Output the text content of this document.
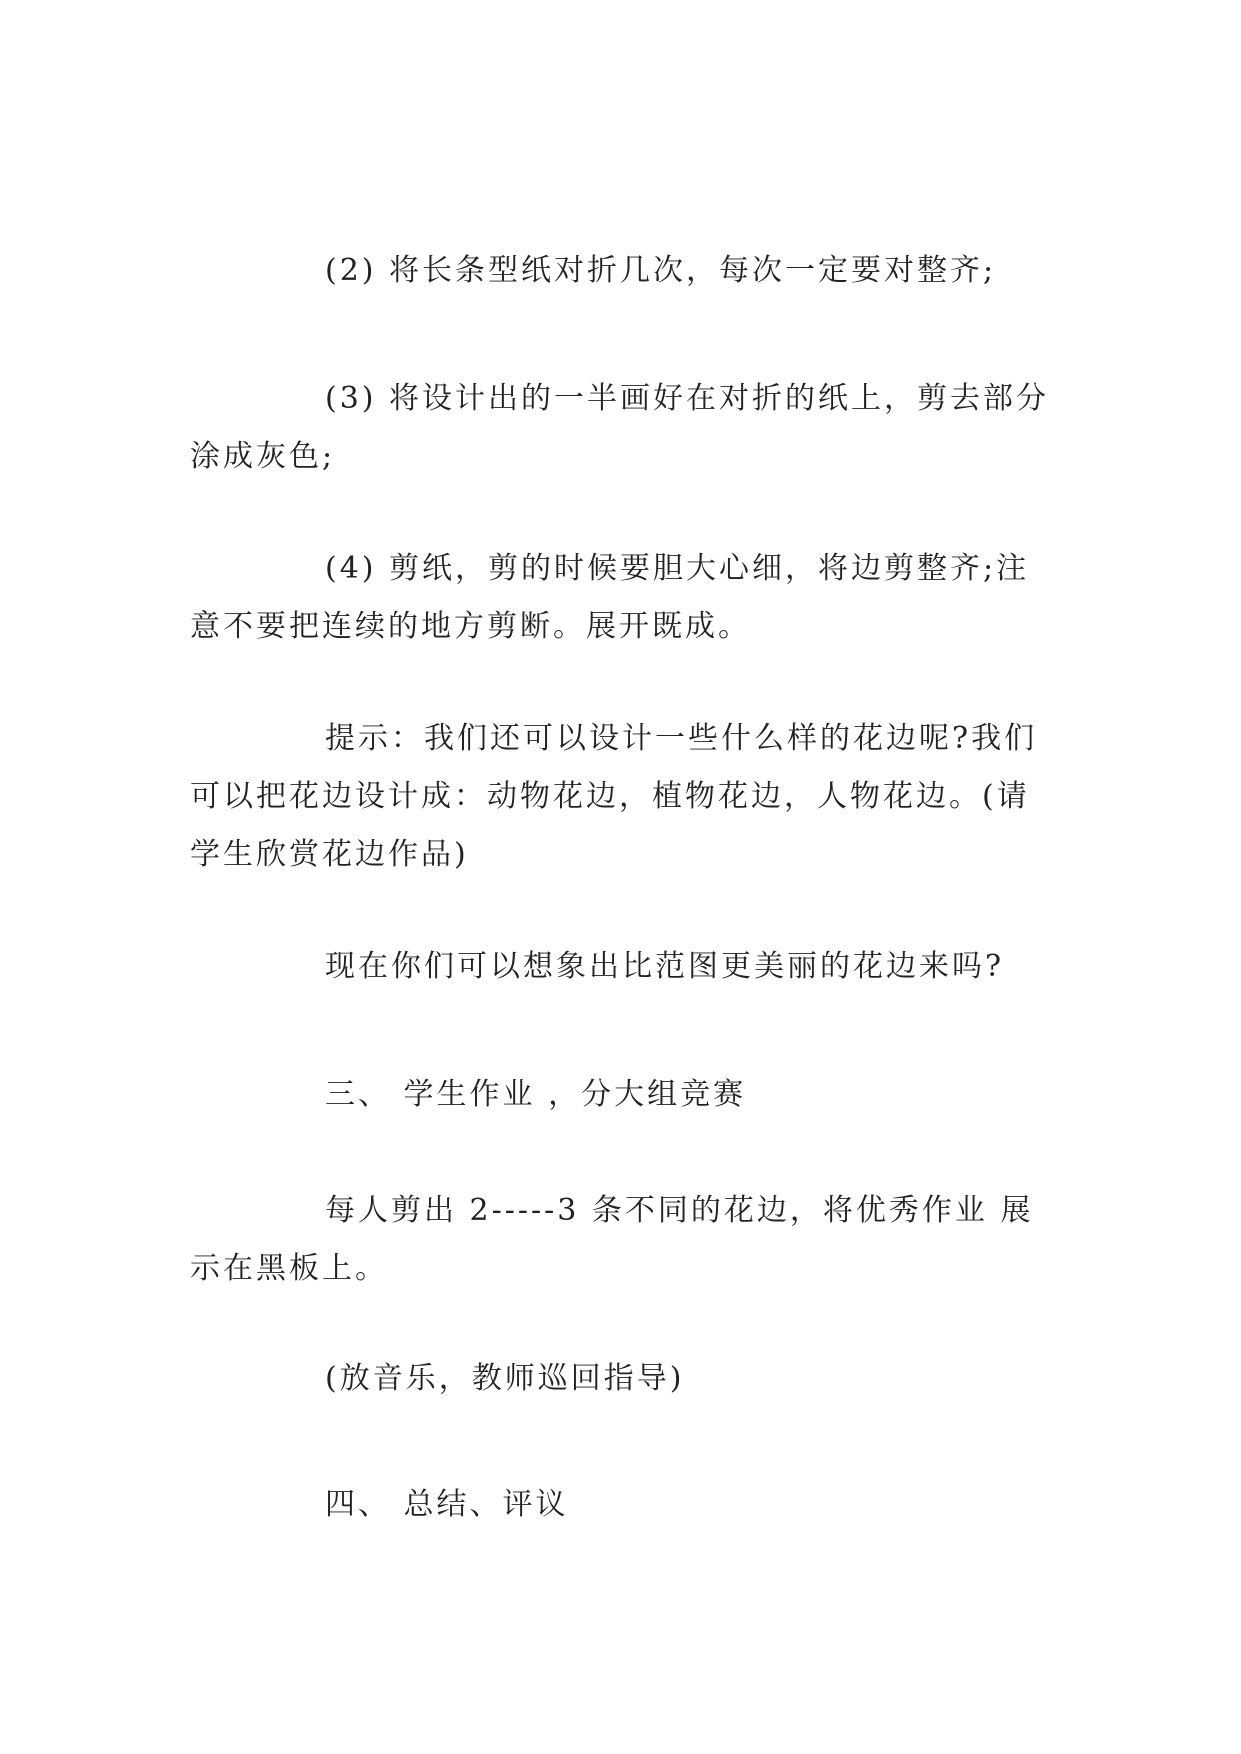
(2) 将长条型纸对折几次，每次一定要对整齐;

(3) 将设计出的一半画好在对折的纸上，剪去部分涂成灰色;

(4) 剪纸，剪的时候要胆大心细，将边剪整齐;注意不要把连续的地方剪断。展开既成。

提示：我们还可以设计一些什么样的花边呢?我们可以把花边设计成：动物花边，植物花边，人物花边。(请学生欣赏花边作品)

现在你们可以想象出比范图更美丽的花边来吗?

三、 学生作业 ，分大组竞赛

每人剪出 2-----3 条不同的花边，将优秀作业 展示在黑板上。

(放音乐，教师巡回指导)

四、 总结、评议
